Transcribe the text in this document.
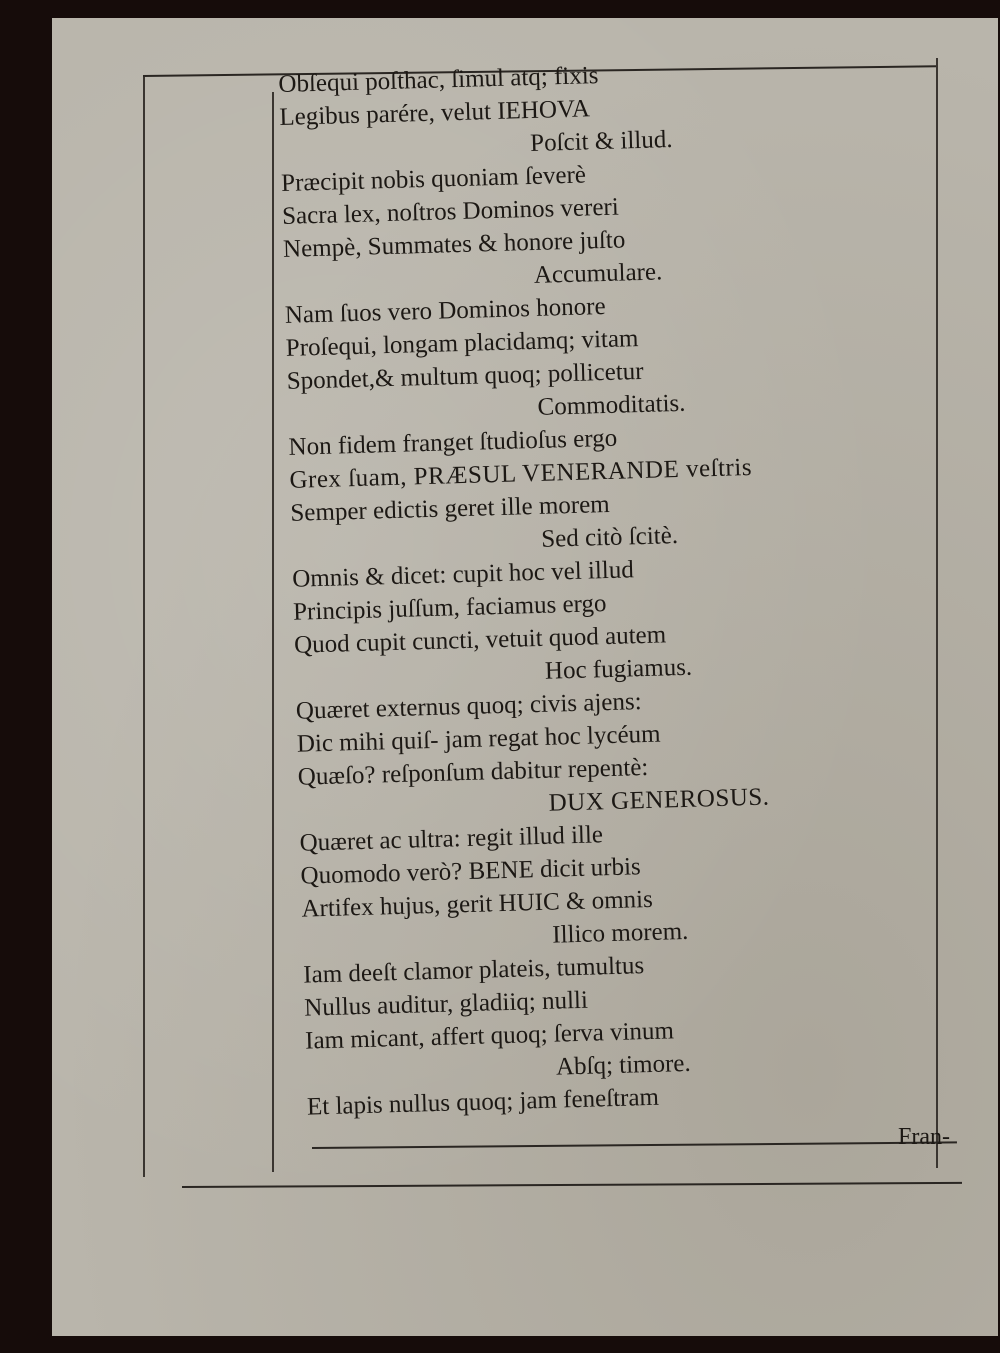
Obſequi poſthac, ſimul atq; fixis
Legibus parére, velut IEHOVA
Poſcit & illud.
Præcipit nobis quoniam ſeverè
Sacra lex, noſtros Dominos vereri
Nempè, Summates & honore juſto
Accumulare.
Nam ſuos vero Dominos honore
Proſequi, longam placidamq; vitam
Spondet,& multum quoq; pollicetur
Commoditatis.
Non fidem franget ſtudioſus ergo
Grex ſuam, PRÆSUL VENERANDE veſtris
Semper edictis geret ille morem
Sed citò ſcitè.
Omnis & dicet: cupit hoc vel illud
Principis juſſum, faciamus ergo
Quod cupit cuncti, vetuit quod autem
Hoc fugiamus.
Quæret externus quoq; civis ajens:
Dic mihi quiſ- jam regat hoc lycéum
Quæſo? reſponſum dabitur repentè:
DUX GENEROSUS.
Quæret ac ultra: regit illud ille
Quomodo verò? BENE dicit urbis
Artifex hujus, gerit HUIC & omnis
Illico morem.
Iam deeſt clamor plateis, tumultus
Nullus auditur, gladiiq; nulli
Iam micant, affert quoq; ſerva vinum
Abſq; timore.
Et lapis nullus quoq; jam feneſtram
Fran-
